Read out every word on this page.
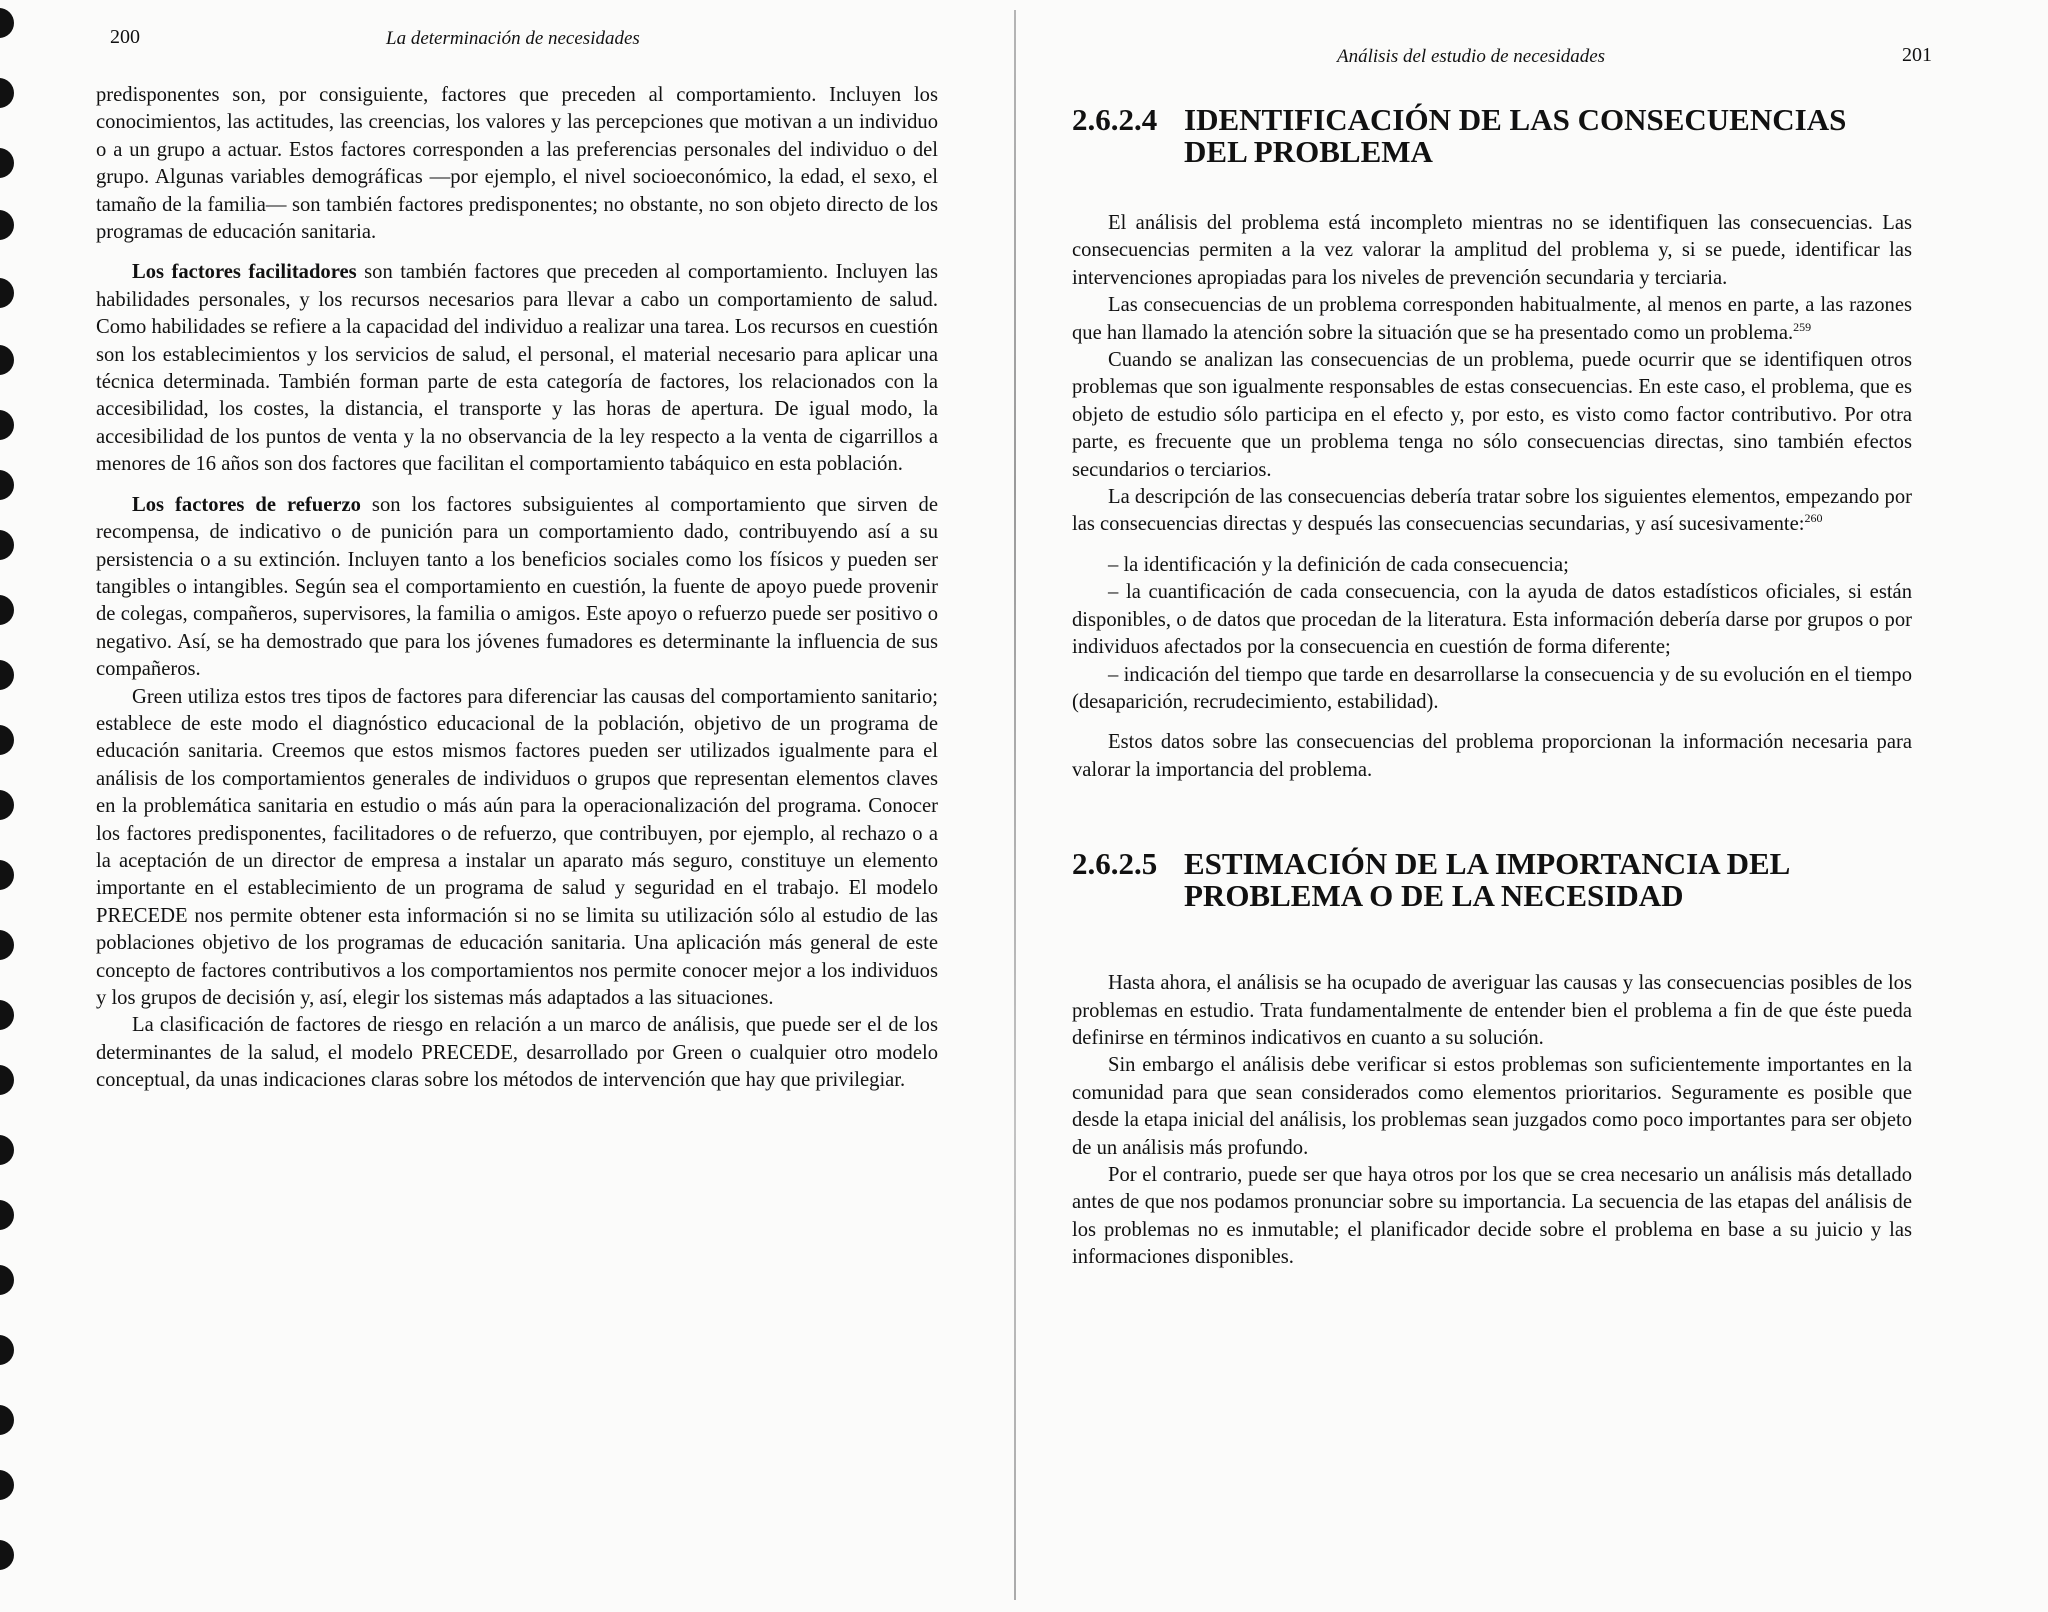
200	La determinación de necesidades

predisponentes son, por consiguiente, factores que preceden al comportamiento. Incluyen los conocimientos, las actitudes, las creencias, los valores y las percepciones que motivan a un individuo o a un grupo a actuar. Estos factores corresponden a las preferencias personales del individuo o del grupo. Algunas variables demográficas —por ejemplo, el nivel socioeconómico, la edad, el sexo, el tamaño de la familia— son también factores predisponentes; no obstante, no son objeto directo de los programas de educación sanitaria.

Los factores facilitadores son también factores que preceden al comportamiento. Incluyen las habilidades personales, y los recursos necesarios para llevar a cabo un comportamiento de salud. Como habilidades se refiere a la capacidad del individuo a realizar una tarea. Los recursos en cuestión son los establecimientos y los servicios de salud, el personal, el material necesario para aplicar una técnica determinada. También forman parte de esta categoría de factores, los relacionados con la accesibilidad, los costes, la distancia, el transporte y las horas de apertura. De igual modo, la accesibilidad de los puntos de venta y la no observancia de la ley respecto a la venta de cigarrillos a menores de 16 años son dos factores que facilitan el comportamiento tabáquico en esta población.

Los factores de refuerzo son los factores subsiguientes al comportamiento que sirven de recompensa, de indicativo o de punición para un comportamiento dado, contribuyendo así a su persistencia o a su extinción. Incluyen tanto a los beneficios sociales como los físicos y pueden ser tangibles o intangibles. Según sea el comportamiento en cuestión, la fuente de apoyo puede provenir de colegas, compañeros, supervisores, la familia o amigos. Este apoyo o refuerzo puede ser positivo o negativo. Así, se ha demostrado que para los jóvenes fumadores es determinante la influencia de sus compañeros.

Green utiliza estos tres tipos de factores para diferenciar las causas del comportamiento sanitario; establece de este modo el diagnóstico educacional de la población, objetivo de un programa de educación sanitaria. Creemos que estos mismos factores pueden ser utilizados igualmente para el análisis de los comportamientos generales de individuos o grupos que representan elementos claves en la problemática sanitaria en estudio o más aún para la operacionalización del programa. Conocer los factores predisponentes, facilitadores o de refuerzo, que contribuyen, por ejemplo, al rechazo o a la aceptación de un director de empresa a instalar un aparato más seguro, constituye un elemento importante en el establecimiento de un programa de salud y seguridad en el trabajo. El modelo PRECEDE nos permite obtener esta información si no se limita su utilización sólo al estudio de las poblaciones objetivo de los programas de educación sanitaria. Una aplicación más general de este concepto de factores contributivos a los comportamientos nos permite conocer mejor a los individuos y los grupos de decisión y, así, elegir los sistemas más adaptados a las situaciones.

La clasificación de factores de riesgo en relación a un marco de análisis, que puede ser el de los determinantes de la salud, el modelo PRECEDE, desarrollado por Green o cualquier otro modelo conceptual, da unas indicaciones claras sobre los métodos de intervención que hay que privilegiar.

Análisis del estudio de necesidades	201
2.6.2.4 IDENTIFICACIÓN DE LAS CONSECUENCIAS DEL PROBLEMA

El análisis del problema está incompleto mientras no se identifiquen las consecuencias. Las consecuencias permiten a la vez valorar la amplitud del problema y, si se puede, identificar las intervenciones apropiadas para los niveles de prevención secundaria y terciaria.

Las consecuencias de un problema corresponden habitualmente, al menos en parte, a las razones que han llamado la atención sobre la situación que se ha presentado como un problema.$^{259}$

Cuando se analizan las consecuencias de un problema, puede ocurrir que se identifiquen otros problemas que son igualmente responsables de estas consecuencias. En este caso, el problema, que es objeto de estudio sólo participa en el efecto y, por esto, es visto como factor contributivo. Por otra parte, es frecuente que un problema tenga no sólo consecuencias directas, sino también efectos secundarios o terciarios.

La descripción de las consecuencias debería tratar sobre los siguientes elementos, empezando por las consecuencias directas y después las consecuencias secundarias, y así sucesivamente:$^{260}$

– la identificación y la definición de cada consecuencia;

– la cuantificación de cada consecuencia, con la ayuda de datos estadísticos oficiales, si están disponibles, o de datos que procedan de la literatura. Esta información debería darse por grupos o por individuos afectados por la consecuencia en cuestión de forma diferente;

– indicación del tiempo que tarde en desarrollarse la consecuencia y de su evolución en el tiempo (desaparición, recrudecimiento, estabilidad).

Estos datos sobre las consecuencias del problema proporcionan la información necesaria para valorar la importancia del problema.

2.6.2.5 ESTIMACIÓN DE LA IMPORTANCIA DEL PROBLEMA O DE LA NECESIDAD

Hasta ahora, el análisis se ha ocupado de averiguar las causas y las consecuencias posibles de los problemas en estudio. Trata fundamentalmente de entender bien el problema a fin de que éste pueda definirse en términos indicativos en cuanto a su solución.

Sin embargo el análisis debe verificar si estos problemas son suficientemente importantes en la comunidad para que sean considerados como elementos prioritarios. Seguramente es posible que desde la etapa inicial del análisis, los problemas sean juzgados como poco importantes para ser objeto de un análisis más profundo.

Por el contrario, puede ser que haya otros por los que se crea necesario un análisis más detallado antes de que nos podamos pronunciar sobre su importancia. La secuencia de las etapas del análisis de los problemas no es inmutable; el planificador decide sobre el problema en base a su juicio y las informaciones disponibles.
